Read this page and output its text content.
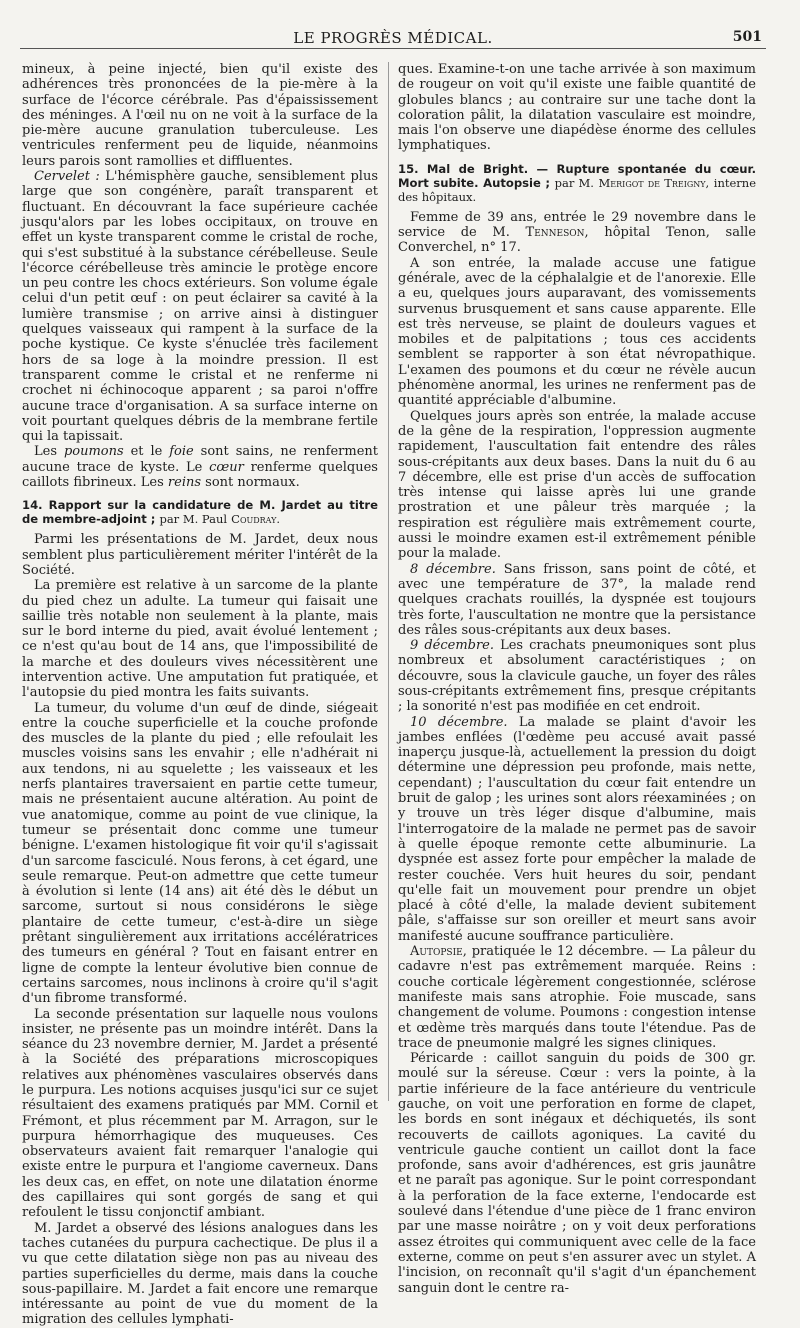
LE PROGRÈS MÉDICAL.	501

mineux, à peine injecté, bien qu'il existe des adhérences très prononcées de la pie-mère à la surface de l'écorce cérébrale. Pas d'épaississement des méninges. A l'œil nu on ne voit à la surface de la pie-mère aucune granulation tuberculeuse. Les ventricules renferment peu de liquide, néanmoins leurs parois sont ramollies et diffluentes.

Cervelet : L'hémisphère gauche, sensiblement plus large que son congénère, paraît transparent et fluctuant. En découvrant la face supérieure cachée jusqu'alors par les lobes occipitaux, on trouve en effet un kyste transparent comme le cristal de roche, qui s'est substitué à la substance cérébelleuse. Seule l'écorce cérébelleuse très amincie le protège encore un peu contre les chocs extérieurs. Son volume égale celui d'un petit œuf : on peut éclairer sa cavité à la lumière transmise ; on arrive ainsi à distinguer quelques vaisseaux qui rampent à la surface de la poche kystique. Ce kyste s'énuclée très facilement hors de sa loge à la moindre pression. Il est transparent comme le cristal et ne renferme ni crochet ni échinocoque apparent ; sa paroi n'offre aucune trace d'organisation. A sa surface interne on voit pourtant quelques débris de la membrane fertile qui la tapissait.

Les poumons et le foie sont sains, ne renferment aucune trace de kyste. Le cœur renferme quelques caillots fibrineux. Les reins sont normaux.

14. Rapport sur la candidature de M. Jardet au titre de membre-adjoint ; par M. Paul Coudray.

Parmi les présentations de M. Jardet, deux nous semblent plus particulièrement mériter l'intérêt de la Société.

La première est relative à un sarcome de la plante du pied chez un adulte. La tumeur qui faisait une saillie très notable non seulement à la plante, mais sur le bord interne du pied, avait évolué lentement ; ce n'est qu'au bout de 14 ans, que l'impossibilité de la marche et des douleurs vives nécessitèrent une intervention active. Une amputation fut pratiquée, et l'autopsie du pied montra les faits suivants.

La tumeur, du volume d'un œuf de dinde, siégeait entre la couche superficielle et la couche profonde des muscles de la plante du pied ; elle refoulait les muscles voisins sans les envahir ; elle n'adhérait ni aux tendons, ni au squelette ; les vaisseaux et les nerfs plantaires traversaient en partie cette tumeur, mais ne présentaient aucune altération. Au point de vue anatomique, comme au point de vue clinique, la tumeur se présentait donc comme une tumeur bénigne. L'examen histologique fit voir qu'il s'agissait d'un sarcome fasciculé. Nous ferons, à cet égard, une seule remarque. Peut-on admettre que cette tumeur à évolution si lente (14 ans) ait été dès le début un sarcome, surtout si nous considérons le siège plantaire de cette tumeur, c'est-à-dire un siège prêtant singulièrement aux irritations accélératrices des tumeurs en général ? Tout en faisant entrer en ligne de compte la lenteur évolutive bien connue de certains sarcomes, nous inclinons à croire qu'il s'agit d'un fibrome transformé.

La seconde présentation sur laquelle nous voulons insister, ne présente pas un moindre intérêt. Dans la séance du 23 novembre dernier, M. Jardet a présenté à la Société des préparations microscopiques relatives aux phénomènes vasculaires observés dans le purpura. Les notions acquises jusqu'ici sur ce sujet résultaient des examens pratiqués par MM. Cornil et Frémont, et plus récemment par M. Arragon, sur le purpura hémorrhagique des muqueuses. Ces observateurs avaient fait remarquer l'analogie qui existe entre le purpura et l'angiome caverneux. Dans les deux cas, en effet, on note une dilatation énorme des capillaires qui sont gorgés de sang et qui refoulent le tissu conjonctif ambiant.

M. Jardet a observé des lésions analogues dans les taches cutanées du purpura cachectique. De plus il a vu que cette dilatation siège non pas au niveau des parties superficielles du derme, mais dans la couche sous-papillaire. M. Jardet a fait encore une remarque intéressante au point de vue du moment de la migration des cellules lymphati-

ques. Examine-t-on une tache arrivée à son maximum de rougeur on voit qu'il existe une faible quantité de globules blancs ; au contraire sur une tache dont la coloration pâlit, la dilatation vasculaire est moindre, mais l'on observe une diapédèse énorme des cellules lymphatiques.

15. Mal de Bright. — Rupture spontanée du cœur. Mort subite. Autopsie ; par M. Merigot de Treigny, interne des hôpitaux.

Femme de 39 ans, entrée le 29 novembre dans le service de M. Tenneson, hôpital Tenon, salle Converchel, n° 17.

A son entrée, la malade accuse une fatigue générale, avec de la céphalalgie et de l'anorexie. Elle a eu, quelques jours auparavant, des vomissements survenus brusquement et sans cause apparente. Elle est très nerveuse, se plaint de douleurs vagues et mobiles et de palpitations ; tous ces accidents semblent se rapporter à son état névropathique. L'examen des poumons et du cœur ne révèle aucun phénomène anormal, les urines ne renferment pas de quantité appréciable d'albumine.

Quelques jours après son entrée, la malade accuse de la gêne de la respiration, l'oppression augmente rapidement, l'auscultation fait entendre des râles sous-crépitants aux deux bases. Dans la nuit du 6 au 7 décembre, elle est prise d'un accès de suffocation très intense qui laisse après lui une grande prostration et une pâleur très marquée ; la respiration est régulière mais extrêmement courte, aussi le moindre examen est-il extrêmement pénible pour la malade.

8 décembre. Sans frisson, sans point de côté, et avec une température de 37°, la malade rend quelques crachats rouillés, la dyspnée est toujours très forte, l'auscultation ne montre que la persistance des râles sous-crépitants aux deux bases.

9 décembre. Les crachats pneumoniques sont plus nombreux et absolument caractéristiques ; on découvre, sous la clavicule gauche, un foyer des râles sous-crépitants extrêmement fins, presque crépitants ; la sonorité n'est pas modifiée en cet endroit.

10 décembre. La malade se plaint d'avoir les jambes enflées (l'œdème peu accusé avait passé inaperçu jusque-là, actuellement la pression du doigt détermine une dépression peu profonde, mais nette, cependant) ; l'auscultation du cœur fait entendre un bruit de galop ; les urines sont alors réexaminées ; on y trouve un très léger disque d'albumine, mais l'interrogatoire de la malade ne permet pas de savoir à quelle époque remonte cette albuminurie. La dyspnée est assez forte pour empêcher la malade de rester couchée. Vers huit heures du soir, pendant qu'elle fait un mouvement pour prendre un objet placé à côté d'elle, la malade devient subitement pâle, s'affaisse sur son oreiller et meurt sans avoir manifesté aucune souffrance particulière.

Autopsie, pratiquée le 12 décembre. — La pâleur du cadavre n'est pas extrêmement marquée. Reins : couche corticale légèrement congestionnée, sclérose manifeste mais sans atrophie. Foie muscade, sans changement de volume. Poumons : congestion intense et œdème très marqués dans toute l'étendue. Pas de trace de pneumonie malgré les signes cliniques.

Péricarde : caillot sanguin du poids de 300 gr. moulé sur la séreuse. Cœur : vers la pointe, à la partie inférieure de la face antérieure du ventricule gauche, on voit une perforation en forme de clapet, les bords en sont inégaux et déchiquetés, ils sont recouverts de caillots agoniques. La cavité du ventricule gauche contient un caillot dont la face profonde, sans avoir d'adhérences, est gris jaunâtre et ne paraît pas agonique. Sur le point correspondant à la perforation de la face externe, l'endocarde est soulevé dans l'étendue d'une pièce de 1 franc environ par une masse noirâtre ; on y voit deux perforations assez étroites qui communiquent avec celle de la face externe, comme on peut s'en assurer avec un stylet. A l'incision, on reconnaît qu'il s'agit d'un épanchement sanguin dont le centre ra-
